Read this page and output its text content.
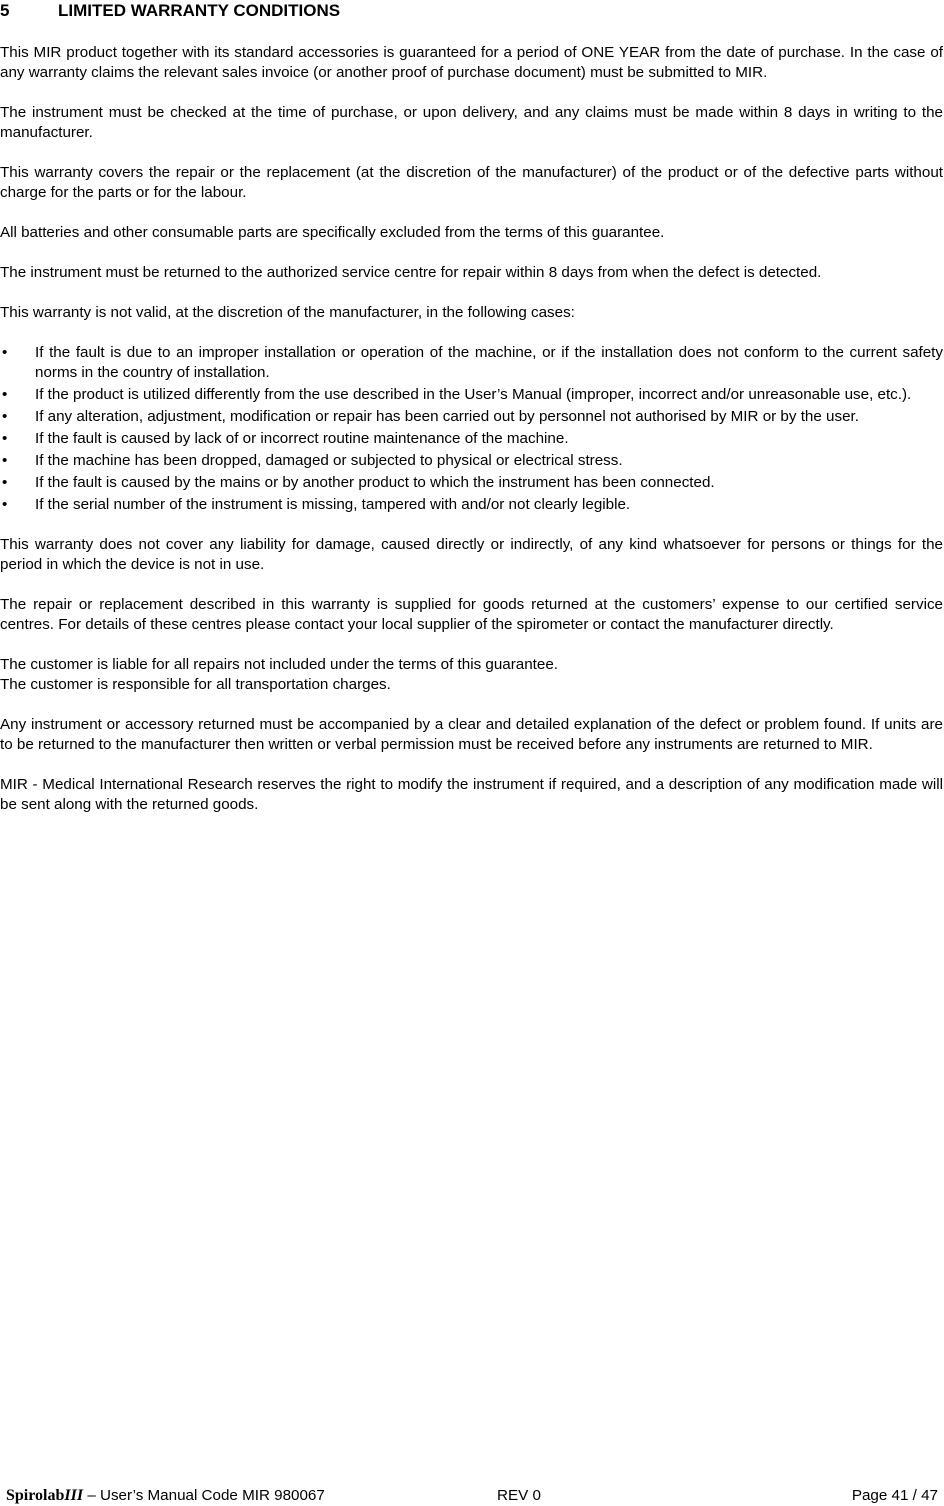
5	LIMITED WARRANTY CONDITIONS

This MIR product together with its standard accessories is guaranteed for a period of ONE YEAR from the date of purchase. In the case of any warranty claims the relevant sales invoice (or another proof of purchase document) must be submitted to MIR.

The instrument must be checked at the time of purchase, or upon delivery, and any claims must be made within 8 days in writing to the manufacturer.

This warranty covers the repair or the replacement (at the discretion of the manufacturer) of the product or of the defective parts without charge for the parts or for the labour.

All batteries and other consumable parts are specifically excluded from the terms of this guarantee.

The instrument must be returned to the authorized service centre for repair within 8 days from when the defect is detected.

This warranty is not valid, at the discretion of the manufacturer, in the following cases:

• If the fault is due to an improper installation or operation of the machine, or if the installation does not conform to the current safety norms in the country of installation.
• If the product is utilized differently from the use described in the User’s Manual (improper, incorrect and/or unreasonable use, etc.).
• If any alteration, adjustment, modification or repair has been carried out by personnel not authorised by MIR or by the user.
• If the fault is caused by lack of or incorrect routine maintenance of the machine.
• If the machine has been dropped, damaged or subjected to physical or electrical stress.
• If the fault is caused by the mains or by another product to which the instrument has been connected.
• If the serial number of the instrument is missing, tampered with and/or not clearly legible.

This warranty does not cover any liability for damage, caused directly or indirectly, of any kind whatsoever for persons or things for the period in which the device is not in use.

The repair or replacement described in this warranty is supplied for goods returned at the customers’ expense to our certified service centres. For details of these centres please contact your local supplier of the spirometer or contact the manufacturer directly.

The customer is liable for all repairs not included under the terms of this guarantee.

The customer is responsible for all transportation charges.

Any instrument or accessory returned must be accompanied by a clear and detailed explanation of the defect or problem found. If units are to be returned to the manufacturer then written or verbal permission must be received before any instruments are returned to MIR.

MIR - Medical International Research reserves the right to modify the instrument if required, and a description of any modification made will be sent along with the returned goods.

SpirolabIII – User’s Manual Code MIR 980067	REV 0	Page 41 / 47
